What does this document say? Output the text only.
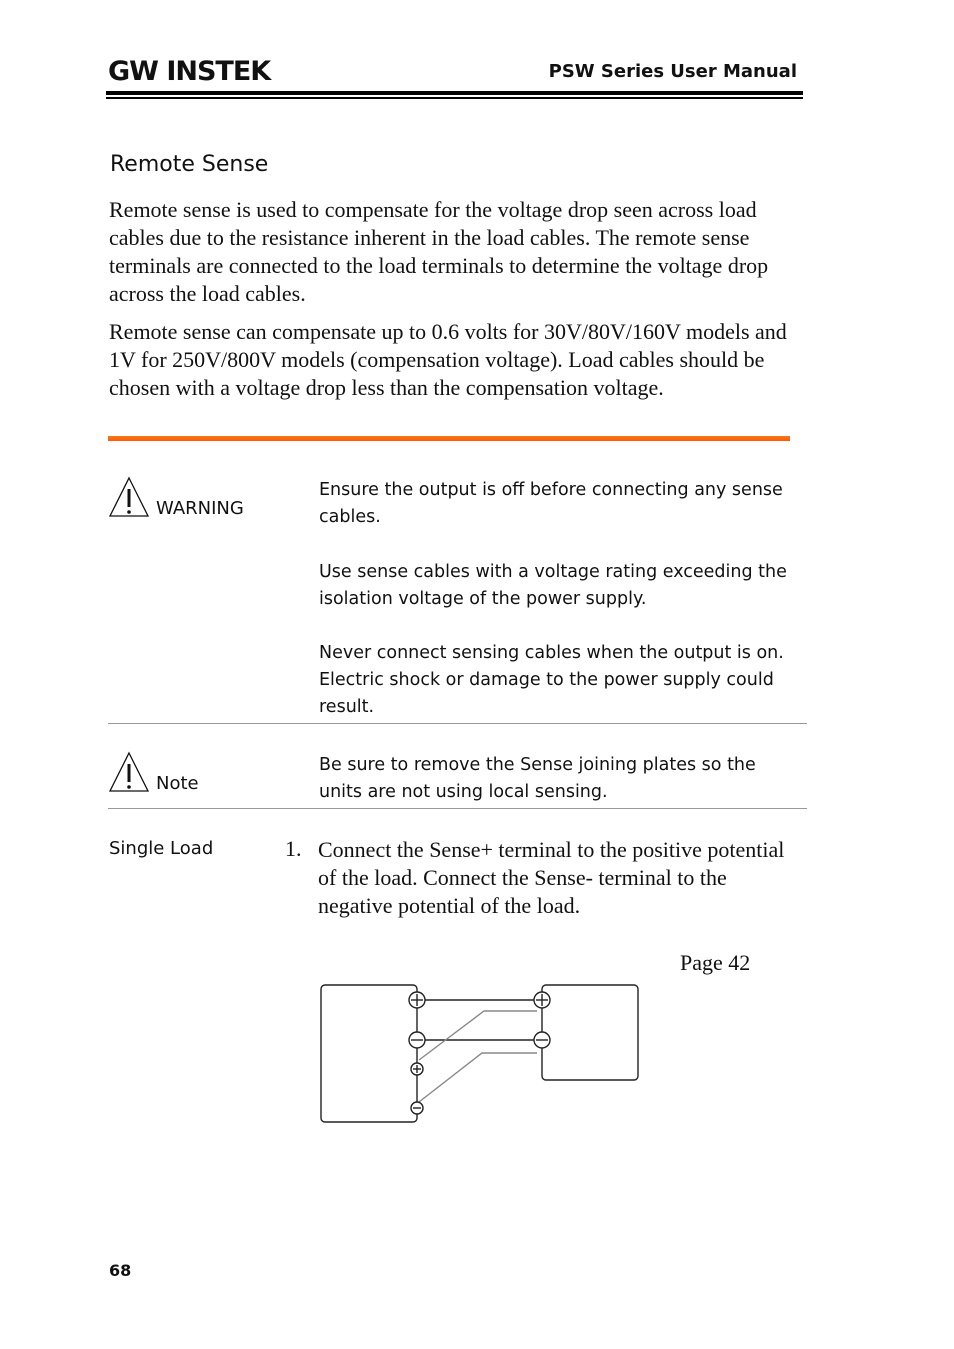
GW INSTEK	PSW Series User Manual
Remote Sense

Remote sense is used to compensate for the voltage drop seen across load cables due to the resistance inherent in the load cables. The remote sense terminals are connected to the load terminals to determine the voltage drop across the load cables.

Remote sense can compensate up to 0.6 volts for 30V/80V/160V models and 1V for 250V/800V models (compensation voltage). Load cables should be chosen with a voltage drop less than the compensation voltage.

WARNING

Ensure the output is off before connecting any sense cables.

Use sense cables with a voltage rating exceeding the isolation voltage of the power supply.

Never connect sensing cables when the output is on. Electric shock or damage to the power supply could result.

Note

Be sure to remove the Sense joining plates so the units are not using local sensing.

Single Load	1. Connect the Sense+ terminal to the positive potential of the load. Connect the Sense- terminal to the negative potential of the load.

Page 42
68
